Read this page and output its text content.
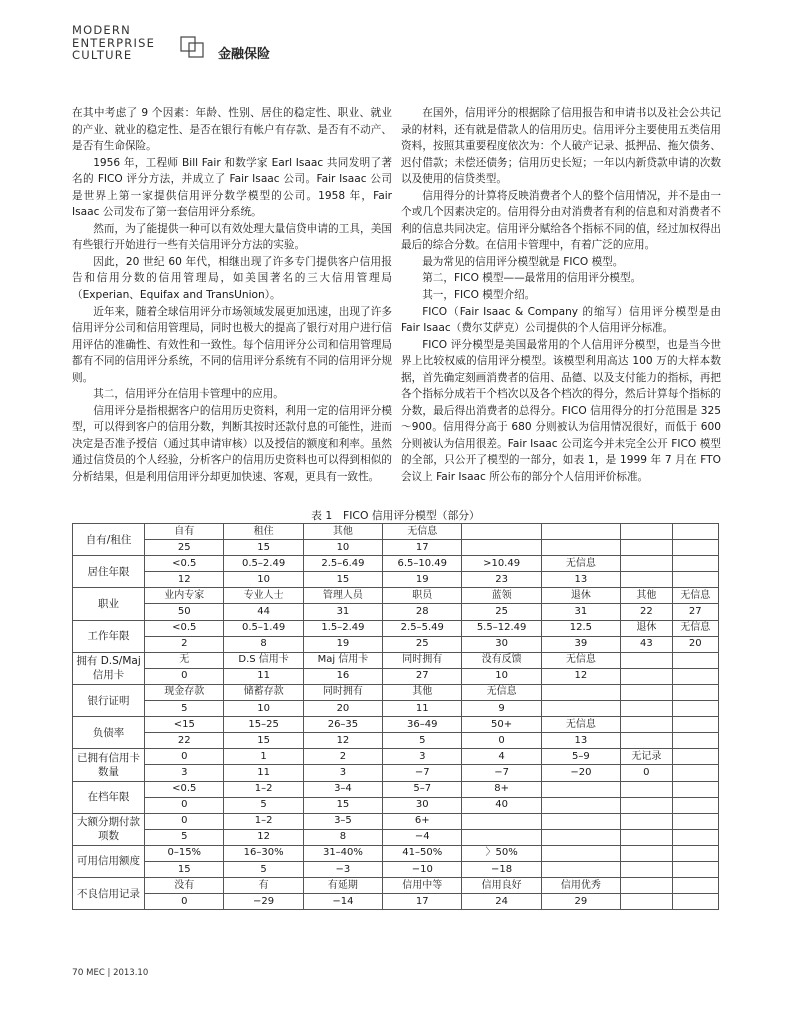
MODERN
ENTERPRISE
CULTURE	金融保险

在其中考虑了 9 个因素：年龄、性别、居住的稳定性、职业、就业的产业、就业的稳定性、是否在银行有帐户有存款、是否有不动产、是否有生命保险。

1956 年，工程师 Bill Fair 和数学家 Earl Isaac 共同发明了著名的 FICO 评分方法，并成立了 Fair Isaac 公司。Fair Isaac 公司是世界上第一家提供信用评分数学模型的公司。1958 年，Fair Isaac 公司发布了第一套信用评分系统。

然而，为了能提供一种可以有效处理大量信贷申请的工具，美国有些银行开始进行一些有关信用评分方法的实验。

因此，20 世纪 60 年代，相继出现了许多专门提供客户信用报告和信用分数的信用管理局，如美国著名的三大信用管理局（Experian、Equifax and TransUnion）。

近年来，随着全球信用评分市场领域发展更加迅速，出现了许多信用评分公司和信用管理局，同时也极大的提高了银行对用户进行信用评估的准确性、有效性和一致性。每个信用评分公司和信用管理局都有不同的信用评分系统，不同的信用评分系统有不同的信用评分规则。

其二，信用评分在信用卡管理中的应用。

信用评分是指根据客户的信用历史资料，利用一定的信用评分模型，可以得到客户的信用分数，判断其按时还款付息的可能性，进而决定是否准予授信（通过其申请审核）以及授信的额度和利率。虽然通过信贷员的个人经验，分析客户的信用历史资料也可以得到相似的分析结果，但是利用信用评分却更加快速、客观，更具有一致性。

在国外，信用评分的根据除了信用报告和申请书以及社会公共记录的材料，还有就是借款人的信用历史。信用评分主要使用五类信用资料，按照其重要程度依次为：个人破产记录、抵押品、拖欠债务、迟付借款；未偿还债务；信用历史长短；一年以内新贷款申请的次数以及使用的信贷类型。

信用得分的计算将反映消费者个人的整个信用情况，并不是由一个或几个因素决定的。信用得分由对消费者有利的信息和对消费者不利的信息共同决定。信用评分赋给各个指标不同的值，经过加权得出最后的综合分数。在信用卡管理中，有着广泛的应用。

最为常见的信用评分模型就是 FICO 模型。

第二，FICO 模型——最常用的信用评分模型。

其一，FICO 模型介绍。

FICO（Fair Isaac & Company 的缩写）信用评分模型是由 Fair Isaac（费尔艾萨克）公司提供的个人信用评分标准。

FICO 评分模型是美国最常用的个人信用评分模型，也是当今世界上比较权威的信用评分模型。该模型利用高达 100 万的大样本数据，首先确定刻画消费者的信用、品德、以及支付能力的指标，再把各个指标分成若干个档次以及各个档次的得分，然后计算每个指标的分数，最后得出消费者的总得分。FICO 信用得分的打分范围是 325～900。信用得分高于 680 分则被认为信用情况很好，而低于 600 分则被认为信用很差。Fair Isaac 公司迄今并未完全公开 FICO 模型的全部，只公开了模型的一部分，如表 1，是 1999 年 7 月在 FTO 会议上 Fair Isaac 所公布的部分个人信用评价标准。

表 1　FICO 信用评分模型（部分）
自有/租住	自有	租住	其他	无信息				
	25	15	10	17				
居住年限	<0.5	0.5–2.49	2.5–6.49	6.5–10.49	>10.49	无信息		
	12	10	15	19	23	13		
职业	业内专家	专业人士	管理人员	职员	蓝领	退休	其他	无信息
	50	44	31	28	25	31	22	27
工作年限	<0.5	0.5–1.49	1.5–2.49	2.5–5.49	5.5–12.49	12.5	退休	无信息
	2	8	19	25	30	39	43	20
拥有 D.S/Maj 信用卡	无	D.S 信用卡	Maj 信用卡	同时拥有	没有反馈	无信息		
	0	11	16	27	10	12		
银行证明	现金存款	储蓄存款	同时拥有	其他	无信息			
	5	10	20	11	9			
负债率	<15	15–25	26–35	36–49	50+	无信息		
	22	15	12	5	0	13		
已拥有信用卡数量	0	1	2	3	4	5–9	无记录	
	3	11	3	−7	−7	−20	0	
在档年限	<0.5	1–2	3–4	5–7	8+			
	0	5	15	30	40			
大额分期付款项数	0	1–2	3–5	6+				
	5	12	8	−4				
可用信用额度	0–15%	16–30%	31–40%	41–50%	〉50%			
	15	5	−3	−10	−18			
不良信用记录	没有	有	有延期	信用中等	信用良好	信用优秀		
	0	−29	−14	17	24	29		
70 MEC | 2013.10
